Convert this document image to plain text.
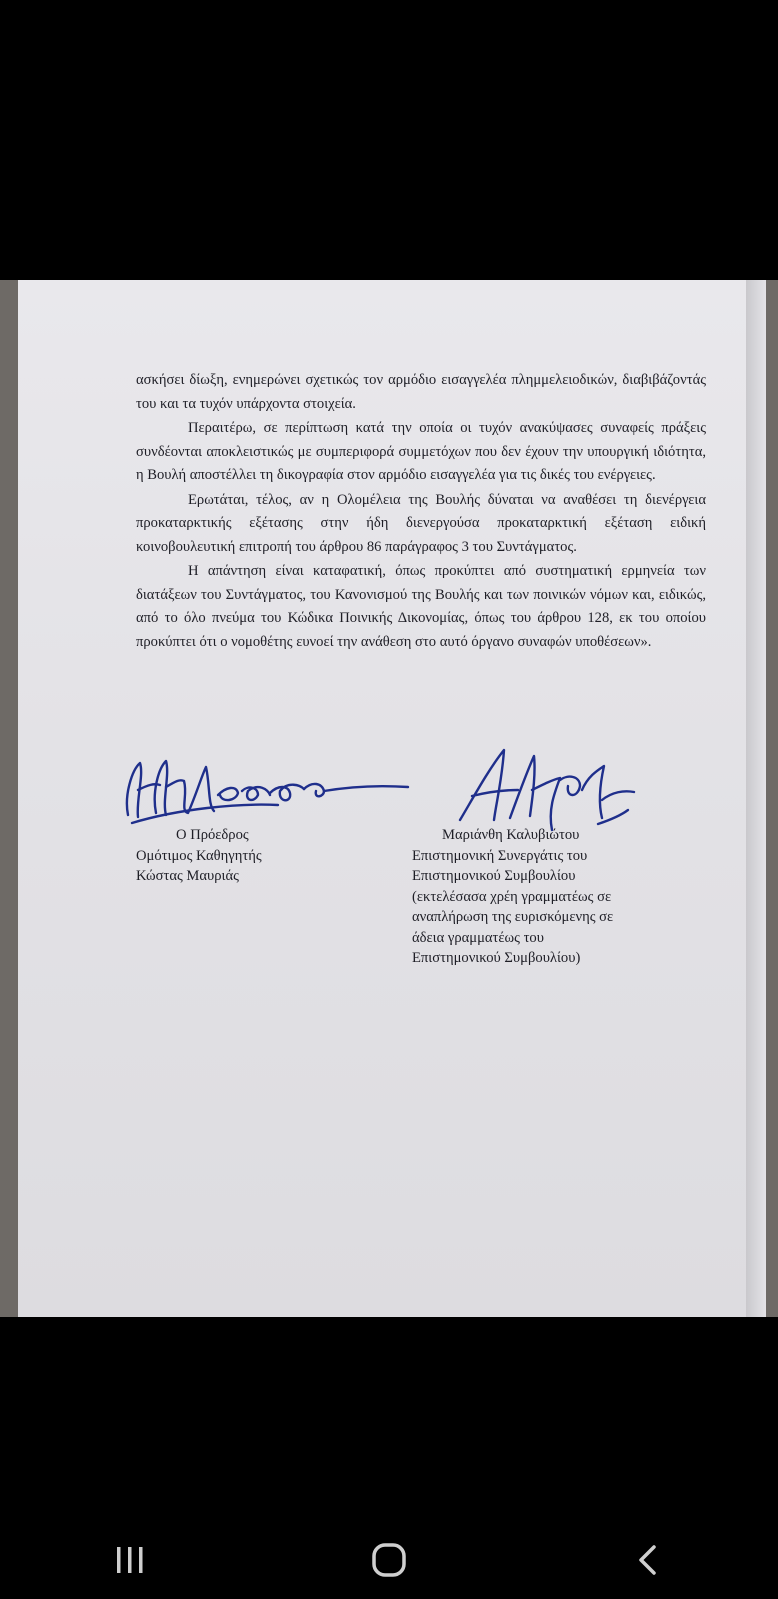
ασκήσει δίωξη, ενημερώνει σχετικώς τον αρμόδιο εισαγγελέα πλημμελειοδικών, διαβιβάζοντάς του και τα τυχόν υπάρχοντα στοιχεία.

Περαιτέρω, σε περίπτωση κατά την οποία οι τυχόν ανακύψασες συναφείς πράξεις συνδέονται αποκλειστικώς με συμπεριφορά συμμετόχων που δεν έχουν την υπουργική ιδιότητα, η Βουλή αποστέλλει τη δικογραφία στον αρμόδιο εισαγγελέα για τις δικές του ενέργειες.

Ερωτάται, τέλος, αν η Ολομέλεια της Βουλής δύναται να αναθέσει τη διενέργεια προκαταρκτικής εξέτασης στην ήδη διενεργούσα προκαταρκτική εξέταση ειδική κοινοβουλευτική επιτροπή του άρθρου 86 παράγραφος 3 του Συντάγματος.

Η απάντηση είναι καταφατική, όπως προκύπτει από συστηματική ερμηνεία των διατάξεων του Συντάγματος, του Κανονισμού της Βουλής και των ποινικών νόμων και, ειδικώς, από το όλο πνεύμα του Κώδικα Ποινικής Δικονομίας, όπως του άρθρου 128, εκ του οποίου προκύπτει ότι ο νομοθέτης ευνοεί την ανάθεση στο αυτό όργανο συναφών υποθέσεων».

Ο Πρόεδρος
Ομότιμος Καθηγητής
Κώστας Μαυριάς
Μαριάνθη Καλυβιώτου
Επιστημονική Συνεργάτις του
Επιστημονικού Συμβουλίου
(εκτελέσασα χρέη γραμματέως σε
αναπλήρωση της ευρισκόμενης σε
άδεια γραμματέως του
Επιστημονικού Συμβουλίου)
